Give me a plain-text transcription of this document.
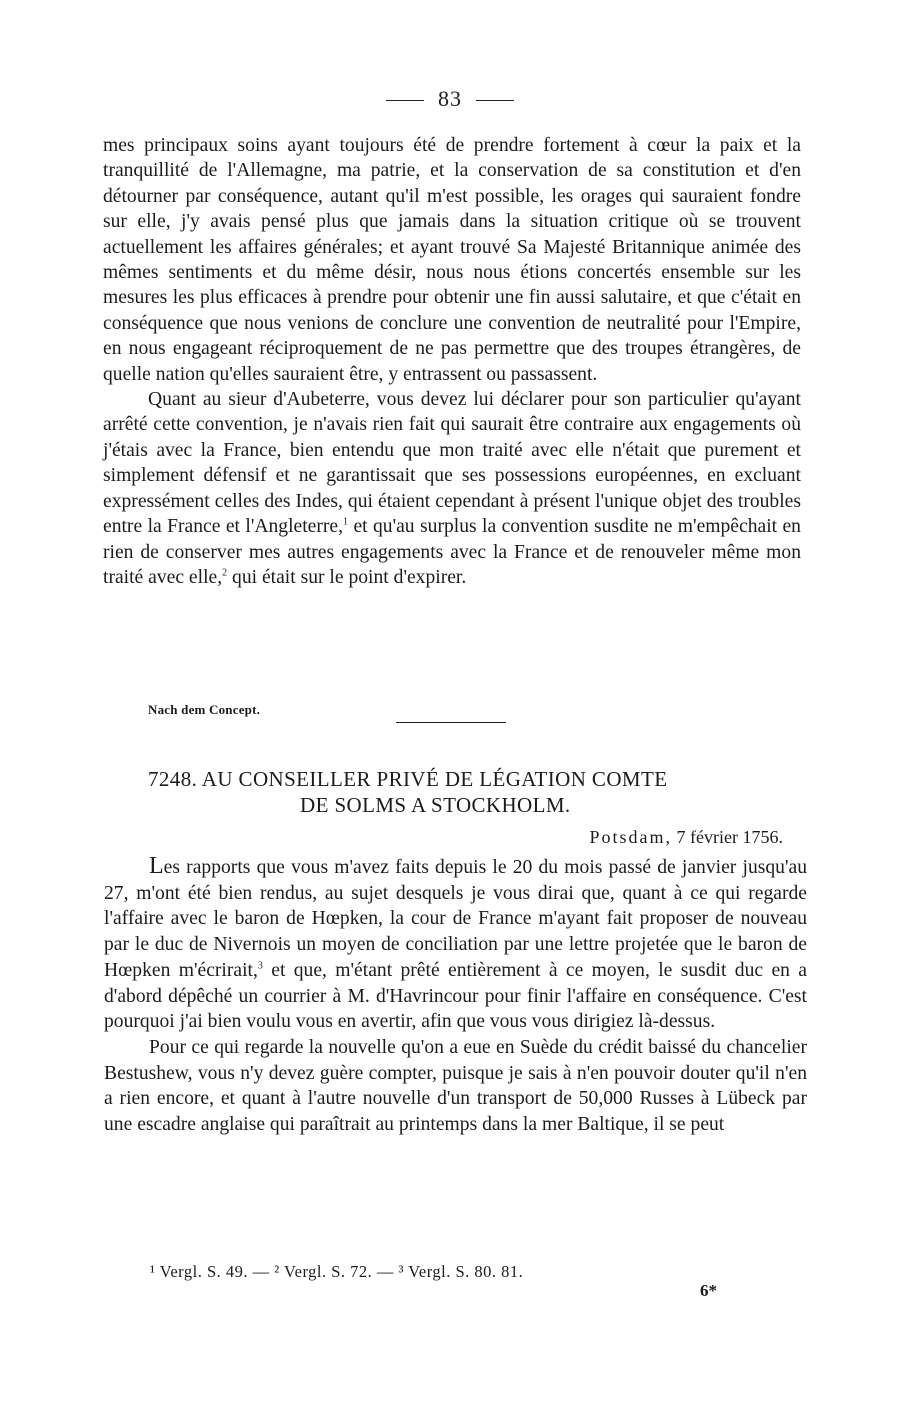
83

mes principaux soins ayant toujours été de prendre fortement à cœur la paix et la tranquillité de l'Allemagne, ma patrie, et la conservation de sa constitution et d'en détourner par conséquence, autant qu'il m'est possible, les orages qui sauraient fondre sur elle, j'y avais pensé plus que jamais dans la situation critique où se trouvent actuellement les affaires générales; et ayant trouvé Sa Majesté Britannique animée des mêmes sentiments et du même désir, nous nous étions concertés ensemble sur les mesures les plus efficaces à prendre pour obtenir une fin aussi salutaire, et que c'était en conséquence que nous venions de conclure une convention de neutralité pour l'Empire, en nous engageant réciproquement de ne pas permettre que des troupes étrangères, de quelle nation qu'elles sauraient être, y entrassent ou passassent.

Quant au sieur d'Aubeterre, vous devez lui déclarer pour son particulier qu'ayant arrêté cette convention, je n'avais rien fait qui saurait être contraire aux engagements où j'étais avec la France, bien entendu que mon traité avec elle n'était que purement et simplement défensif et ne garantissait que ses possessions européennes, en excluant expressément celles des Indes, qui étaient cependant à présent l'unique objet des troubles entre la France et l'Angleterre,$^1$ et qu'au surplus la convention susdite ne m'empêchait en rien de conserver mes autres engagements avec la France et de renouveler même mon traité avec elle,$^2$ qui était sur le point d'expirer.

Nach dem Concept.
7248. AU CONSEILLER PRIVÉ DE LÉGATION COMTE
DE SOLMS A STOCKHOLM.
Potsdam, 7 février 1756.

Les rapports que vous m'avez faits depuis le 20 du mois passé de janvier jusqu'au 27, m'ont été bien rendus, au sujet desquels je vous dirai que, quant à ce qui regarde l'affaire avec le baron de Hœpken, la cour de France m'ayant fait proposer de nouveau par le duc de Nivernois un moyen de conciliation par une lettre projetée que le baron de Hœpken m'écrirait,$^3$ et que, m'étant prêté entièrement à ce moyen, le susdit duc en a d'abord dépêché un courrier à M. d'Havrincour pour finir l'affaire en conséquence. C'est pourquoi j'ai bien voulu vous en avertir, afin que vous vous dirigiez là-dessus.

Pour ce qui regarde la nouvelle qu'on a eue en Suède du crédit baissé du chancelier Bestushew, vous n'y devez guère compter, puisque je sais à n'en pouvoir douter qu'il n'en a rien encore, et quant à l'autre nouvelle d'un transport de 50,000 Russes à Lübeck par une escadre anglaise qui paraîtrait au printemps dans la mer Baltique, il se peut

¹ Vergl. S. 49. — ² Vergl. S. 72. — ³ Vergl. S. 80. 81.
6*
